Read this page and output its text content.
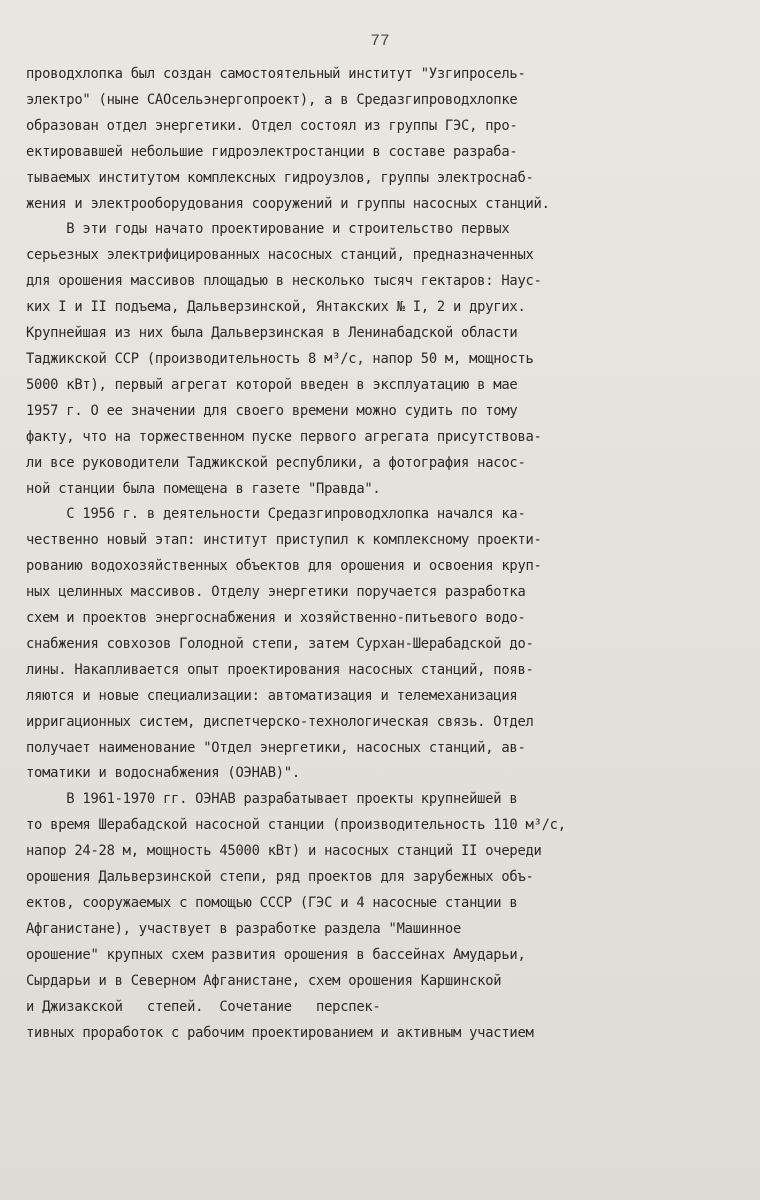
77
проводхлопка был создан самостоятельный институт "Узгипросель-
электро" (ныне САОсельэнергопроект), а в Средазгипроводхлопке
образован отдел энергетики. Отдел состоял из группы ГЭС, про-
ектировавшей небольшие гидроэлектростанции в составе разраба-
тываемых институтом комплексных гидроузлов, группы электроснаб-
жения и электрооборудования сооружений и группы насосных станций.
В эти годы начато проектирование и строительство первых
серьезных электрифицированных насосных станций, предназначенных
для орошения массивов площадью в несколько тысяч гектаров: Наус-
ких I и II подъема, Дальверзинской, Янтакских № I, 2 и других.
Крупнейшая из них была Дальверзинская в Ленинабадской области
Таджикской ССР (производительность 8 м³/с, напор 50 м, мощность
5000 кВт), первый агрегат которой введен в эксплуатацию в мае
1957 г. О ее значении для своего времени можно судить по тому
факту, что на торжественном пуске первого агрегата присутствова-
ли все руководители Таджикской республики, а фотография насос-
ной станции была помещена в газете "Правда".
С 1956 г. в деятельности Средазгипроводхлопка начался ка-
чественно новый этап: институт приступил к комплексному проекти-
рованию водохозяйственных объектов для орошения и освоения круп-
ных целинных массивов. Отделу энергетики поручается разработка
схем и проектов энергоснабжения и хозяйственно-питьевого водо-
снабжения совхозов Голодной степи, затем Сурхан-Шерабадской до-
лины. Накапливается опыт проектирования насосных станций, появ-
ляются и новые специализации: автоматизация и телемеханизация
ирригационных систем, диспетчерско-технологическая связь. Отдел
получает наименование "Отдел энергетики, насосных станций, ав-
томатики и водоснабжения (ОЭНАВ)".
В 1961-1970 гг. ОЭНАВ разрабатывает проекты крупнейшей в
то время Шерабадской насосной станции (производительность 110 м³/с,
напор 24-28 м, мощность 45000 кВт) и насосных станций II очереди
орошения Дальверзинской степи, ряд проектов для зарубежных объ-
ектов, сооружаемых с помощью СССР (ГЭС и 4 насосные станции в
Афганистане), участвует в разработке раздела "Машинное
орошение" крупных схем развития орошения в бассейнах Амударьи,
Сырдарьи и в Северном Афганистане, схем орошения Каршинской
и Джизакской   степей.  Сочетание   перспек-
тивных проработок с рабочим проектированием и активным участием
